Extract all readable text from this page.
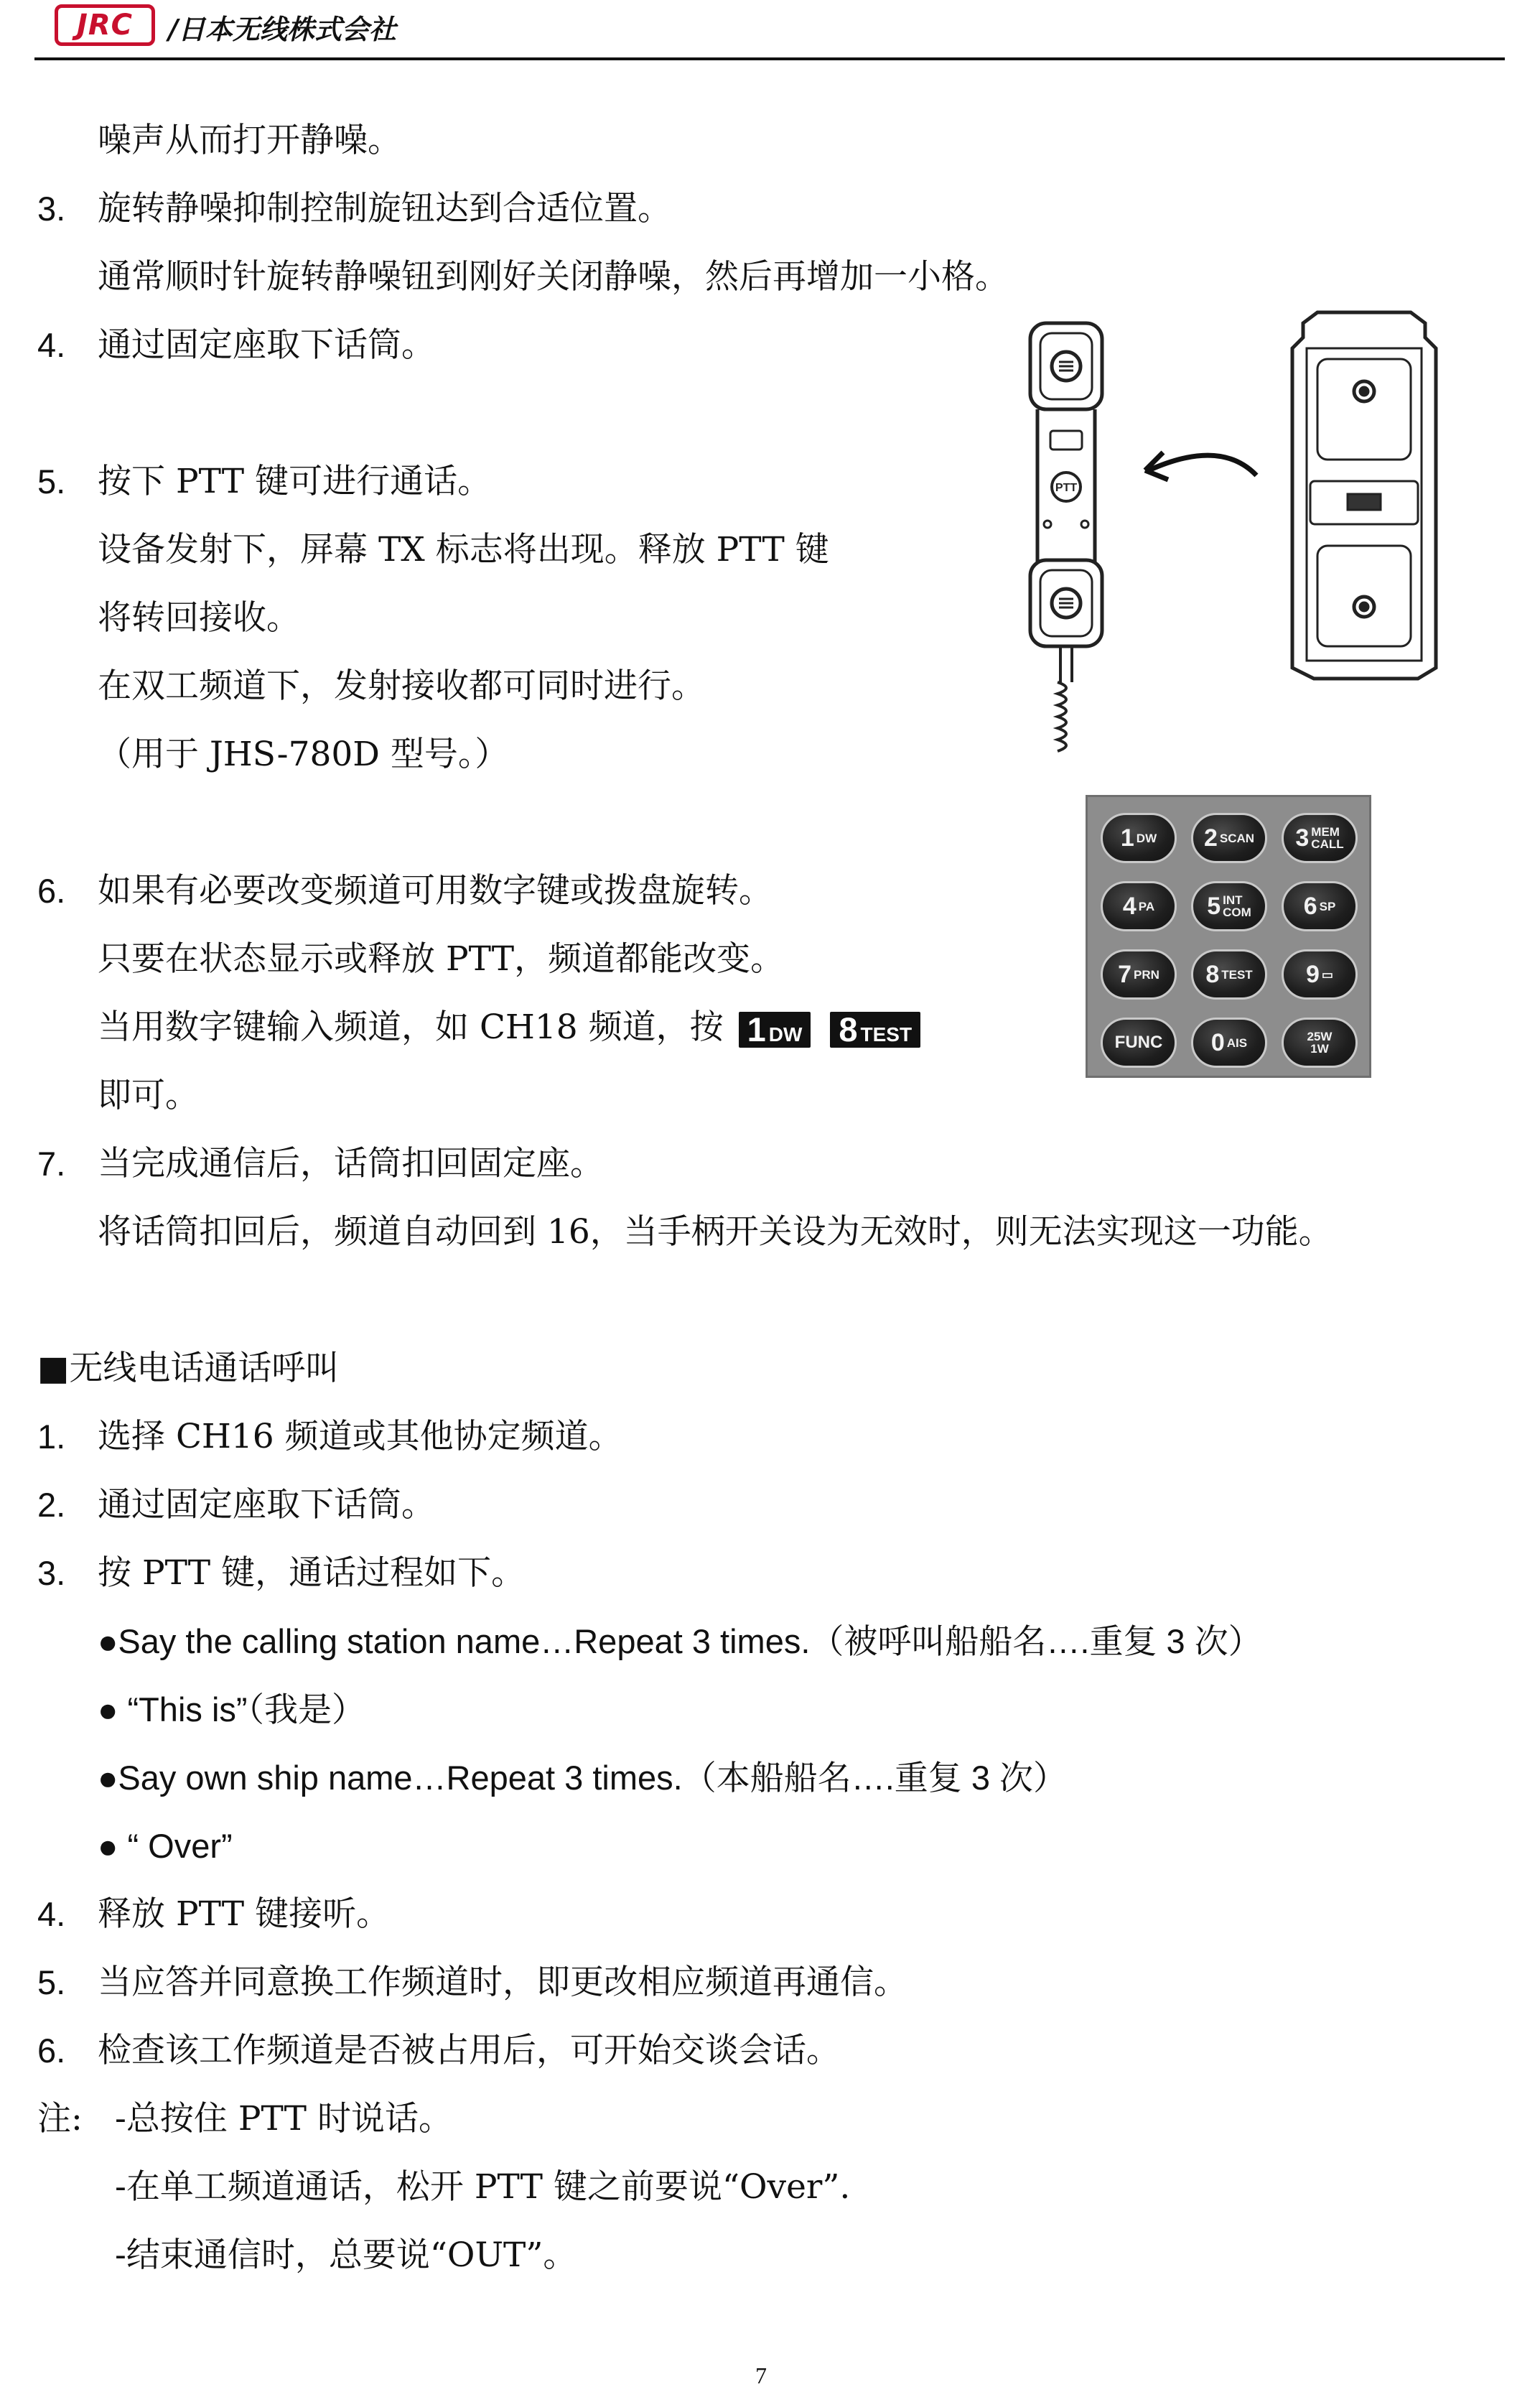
JRC /日本无线株式会社
噪声从而打开静噪。
3. 旋转静噪抑制控制旋钮达到合适位置。
通常顺时针旋转静噪钮到刚好关闭静噪，然后再增加一小格。
4. 通过固定座取下话筒。
5. 按下 PTT 键可进行通话。
设备发射下，屏幕 TX 标志将出现。释放 PTT 键
将转回接收。
在双工频道下，发射接收都可同时进行。
（用于 JHS-780D 型号。）
6. 如果有必要改变频道可用数字键或拨盘旋转。
只要在状态显示或释放 PTT，频道都能改变。
当用数字键输入频道，如 CH18 频道，按 1 DW 8 TEST
即可。
7. 当完成通信后，话筒扣回固定座。
将话筒扣回后，频道自动回到 16，当手柄开关设为无效时，则无法实现这一功能。
PTT
1 DW 2 SCAN 3 MEM
CALL
4 PA 5 INT
COM 6 SP
7 PRN 8 TEST 9 ▭
FUNC 0 AIS	25W
1W
■无线电话通话呼叫
1. 选择 CH16 频道或其他协定频道。
2. 通过固定座取下话筒。
3. 按 PTT 键，通话过程如下。
●Say the calling station name…Repeat 3 times.（被呼叫船船名….重复 3 次）
● “This is”（我是）
●Say own ship name…Repeat 3 times.（本船船名….重复 3 次）
● “ Over”
4. 释放 PTT 键接听。
5. 当应答并同意换工作频道时，即更改相应频道再通信。
6. 检查该工作频道是否被占用后，可开始交谈会话。
注: -总按住 PTT 时说话。
-在单工频道通话，松开 PTT 键之前要说“Over”.
-结束通信时，总要说“OUT”。
7
